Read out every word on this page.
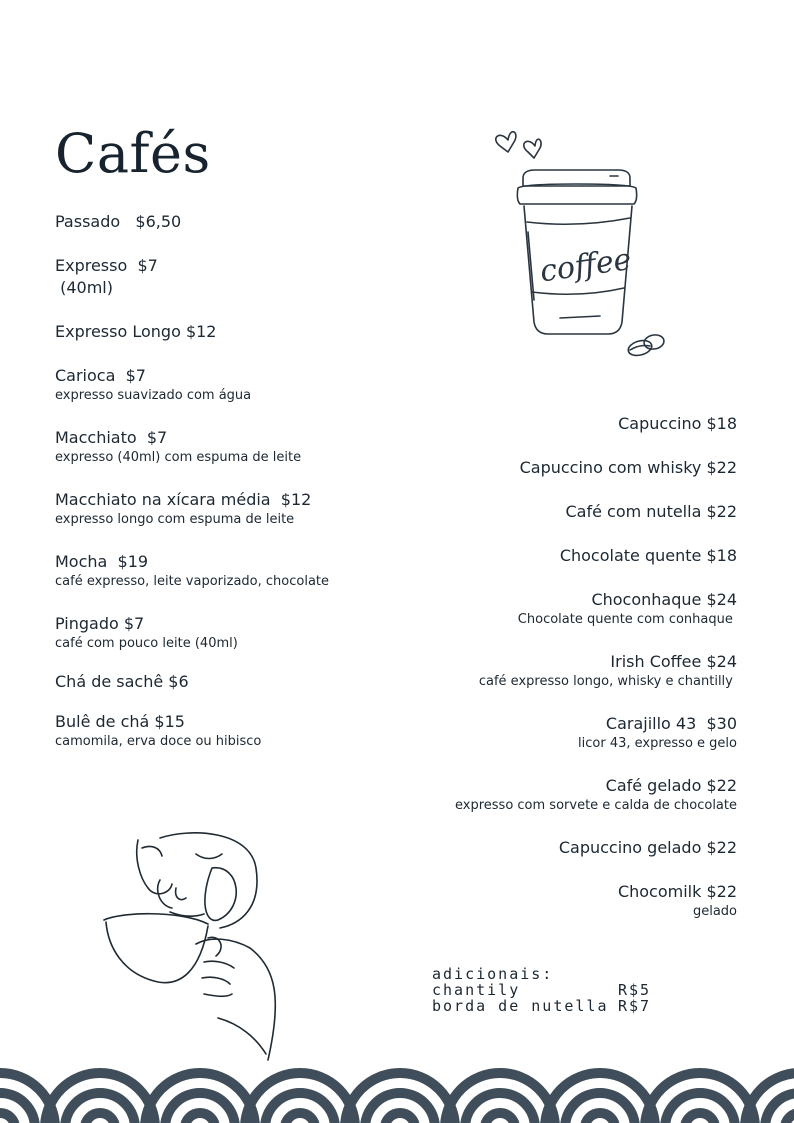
Cafés
Passado   $6,50
Expresso  $7
(40ml)
Expresso Longo $12
Carioca  $7
expresso suavizado com água
Macchiato  $7
expresso (40ml) com espuma de leite
Macchiato na xícara média  $12
expresso longo com espuma de leite
Mocha  $19
café expresso, leite vaporizado, chocolate
Pingado $7
café com pouco leite (40ml)
Chá de sachê $6
Bulê de chá $15
camomila, erva doce ou hibisco
Capuccino $18
Capuccino com whisky $22
Café com nutella $22
Chocolate quente $18
Choconhaque $24
Chocolate quente com conhaque
Irish Coffee $24
café expresso longo, whisky e chantilly
Carajillo 43  $30
licor 43, expresso e gelo
Café gelado $22
expresso com sorvete e calda de chocolate
Capuccino gelado $22
Chocomilk $22
gelado
adicionais:
chantily	R$5
borda de nutella R$7
coffee
